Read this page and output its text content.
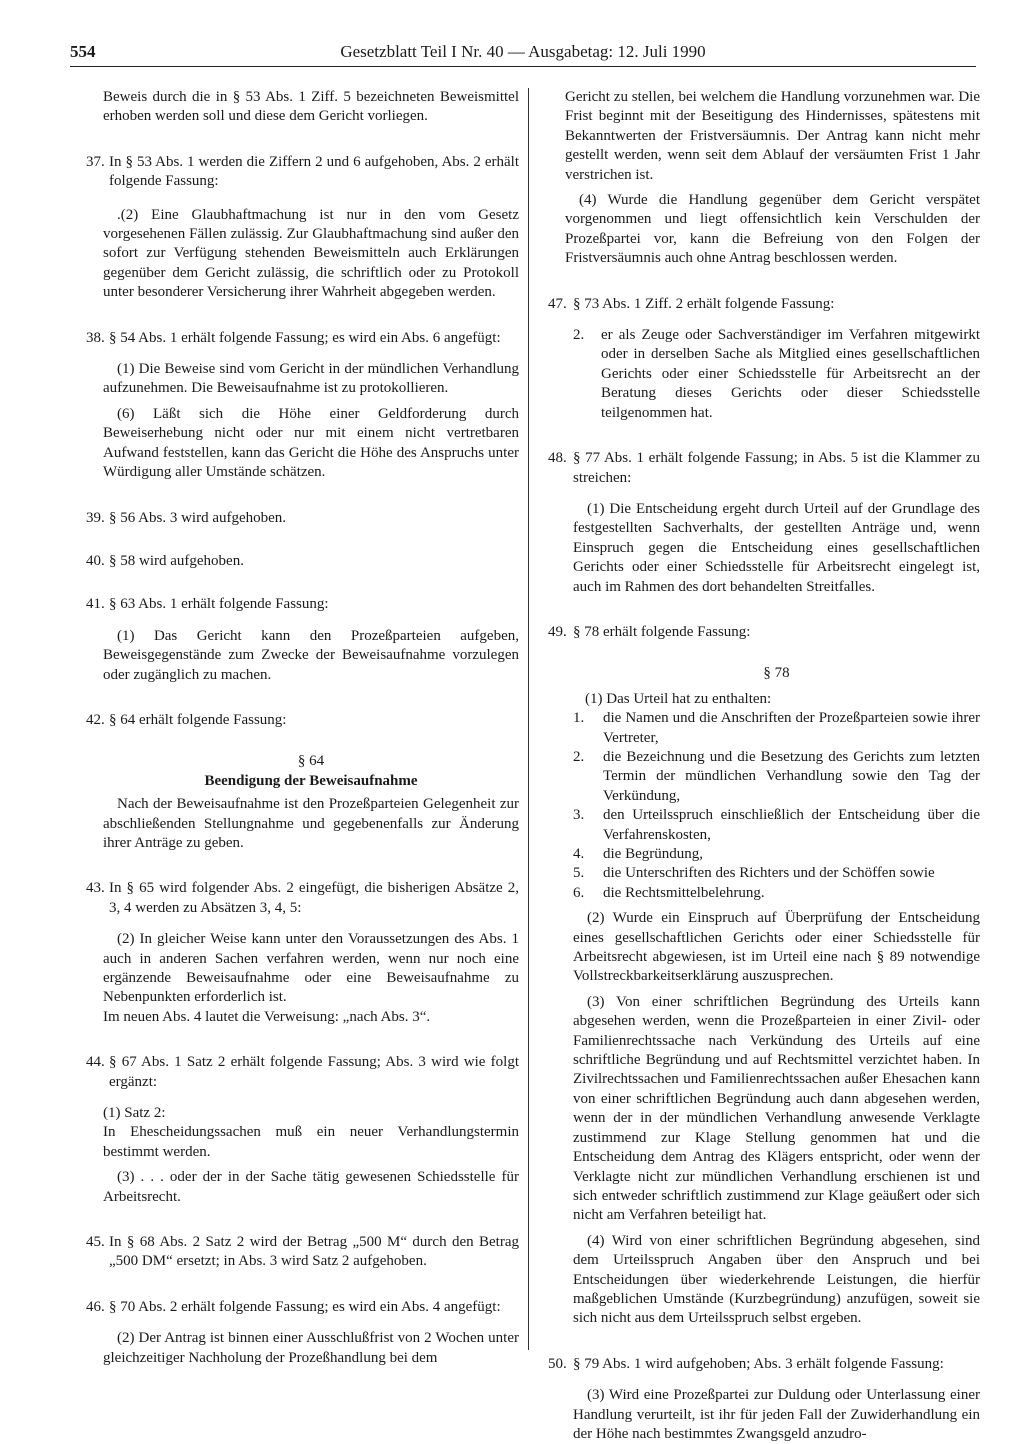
554	Gesetzblatt Teil I Nr. 40 — Ausgabetag: 12. Juli 1990
Beweis durch die in § 53 Abs. 1 Ziff. 5 bezeichneten Beweismittel erhoben werden soll und diese dem Gericht vorliegen.
37. In § 53 Abs. 1 werden die Ziffern 2 und 6 aufgehoben, Abs. 2 erhält folgende Fassung:
.(2) Eine Glaubhaftmachung ist nur in den vom Gesetz vorgesehenen Fällen zulässig. Zur Glaubhaftmachung sind außer den sofort zur Verfügung stehenden Beweismitteln auch Erklärungen gegenüber dem Gericht zulässig, die schriftlich oder zu Protokoll unter besonderer Versicherung ihrer Wahrheit abgegeben werden.
38. § 54 Abs. 1 erhält folgende Fassung; es wird ein Abs. 6 angefügt:
(1) Die Beweise sind vom Gericht in der mündlichen Verhandlung aufzunehmen. Die Beweisaufnahme ist zu protokollieren.
(6) Läßt sich die Höhe einer Geldforderung durch Beweiserhebung nicht oder nur mit einem nicht vertretbaren Aufwand feststellen, kann das Gericht die Höhe des Anspruchs unter Würdigung aller Umstände schätzen.
39. § 56 Abs. 3 wird aufgehoben.
40. § 58 wird aufgehoben.
41. § 63 Abs. 1 erhält folgende Fassung:
(1) Das Gericht kann den Prozeßparteien aufgeben, Beweisgegenstände zum Zwecke der Beweisaufnahme vorzulegen oder zugänglich zu machen.
42. § 64 erhält folgende Fassung:
§ 64
Beendigung der Beweisaufnahme
Nach der Beweisaufnahme ist den Prozeßparteien Gelegenheit zur abschließenden Stellungnahme und gegebenenfalls zur Änderung ihrer Anträge zu geben.
43. In § 65 wird folgender Abs. 2 eingefügt, die bisherigen Absätze 2, 3, 4 werden zu Absätzen 3, 4, 5:
(2) In gleicher Weise kann unter den Voraussetzungen des Abs. 1 auch in anderen Sachen verfahren werden, wenn nur noch eine ergänzende Beweisaufnahme oder eine Beweisaufnahme zu Nebenpunkten erforderlich ist.
Im neuen Abs. 4 lautet die Verweisung: „nach Abs. 3“.
44. § 67 Abs. 1 Satz 2 erhält folgende Fassung; Abs. 3 wird wie folgt ergänzt:
(1) Satz 2:
In Ehescheidungssachen muß ein neuer Verhandlungstermin bestimmt werden.
(3) . . . oder der in der Sache tätig gewesenen Schiedsstelle für Arbeitsrecht.
45. In § 68 Abs. 2 Satz 2 wird der Betrag „500 M“ durch den Betrag „500 DM“ ersetzt; in Abs. 3 wird Satz 2 aufgehoben.
46. § 70 Abs. 2 erhält folgende Fassung; es wird ein Abs. 4 angefügt:
(2) Der Antrag ist binnen einer Ausschlußfrist von 2 Wochen unter gleichzeitiger Nachholung der Prozeßhandlung bei dem
Gericht zu stellen, bei welchem die Handlung vorzunehmen war. Die Frist beginnt mit der Beseitigung des Hindernisses, spätestens mit Bekanntwerten der Fristversäumnis. Der Antrag kann nicht mehr gestellt werden, wenn seit dem Ablauf der versäumten Frist 1 Jahr verstrichen ist.
(4) Wurde die Handlung gegenüber dem Gericht verspätet vorgenommen und liegt offensichtlich kein Verschulden der Prozeßpartei vor, kann die Befreiung von den Folgen der Fristversäumnis auch ohne Antrag beschlossen werden.
47. § 73 Abs. 1 Ziff. 2 erhält folgende Fassung:
2. er als Zeuge oder Sachverständiger im Verfahren mitgewirkt oder in derselben Sache als Mitglied eines gesellschaftlichen Gerichts oder einer Schiedsstelle für Arbeitsrecht an der Beratung dieses Gerichts oder dieser Schiedsstelle teilgenommen hat.
48. § 77 Abs. 1 erhält folgende Fassung; in Abs. 5 ist die Klammer zu streichen:
(1) Die Entscheidung ergeht durch Urteil auf der Grundlage des festgestellten Sachverhalts, der gestellten Anträge und, wenn Einspruch gegen die Entscheidung eines gesellschaftlichen Gerichts oder einer Schiedsstelle für Arbeitsrecht eingelegt ist, auch im Rahmen des dort behandelten Streitfalles.
49. § 78 erhält folgende Fassung:
§ 78
(1) Das Urteil hat zu enthalten:
1. die Namen und die Anschriften der Prozeßparteien sowie ihrer Vertreter,
2. die Bezeichnung und die Besetzung des Gerichts zum letzten Termin der mündlichen Verhandlung sowie den Tag der Verkündung,
3. den Urteilsspruch einschließlich der Entscheidung über die Verfahrenskosten,
4. die Begründung,
5. die Unterschriften des Richters und der Schöffen sowie
6. die Rechtsmittelbelehrung.
(2) Wurde ein Einspruch auf Überprüfung der Entscheidung eines gesellschaftlichen Gerichts oder einer Schiedsstelle für Arbeitsrecht abgewiesen, ist im Urteil eine nach § 89 notwendige Vollstreckbarkeitserklärung auszusprechen.
(3) Von einer schriftlichen Begründung des Urteils kann abgesehen werden, wenn die Prozeßparteien in einer Zivil- oder Familienrechtssache nach Verkündung des Urteils auf eine schriftliche Begründung und auf Rechtsmittel verzichtet haben. In Zivilrechtssachen und Familienrechtssachen außer Ehesachen kann von einer schriftlichen Begründung auch dann abgesehen werden, wenn der in der mündlichen Verhandlung anwesende Verklagte zustimmend zur Klage Stellung genommen hat und die Entscheidung dem Antrag des Klägers entspricht, oder wenn der Verklagte nicht zur mündlichen Verhandlung erschienen ist und sich entweder schriftlich zustimmend zur Klage geäußert oder sich nicht am Verfahren beteiligt hat.
(4) Wird von einer schriftlichen Begründung abgesehen, sind dem Urteilsspruch Angaben über den Anspruch und bei Entscheidungen über wiederkehrende Leistungen, die hierfür maßgeblichen Umstände (Kurzbegründung) anzufügen, soweit sie sich nicht aus dem Urteilsspruch selbst ergeben.
50. § 79 Abs. 1 wird aufgehoben; Abs. 3 erhält folgende Fassung:
(3) Wird eine Prozeßpartei zur Duldung oder Unterlassung einer Handlung verurteilt, ist ihr für jeden Fall der Zuwiderhandlung ein der Höhe nach bestimmtes Zwangsgeld anzudro-
